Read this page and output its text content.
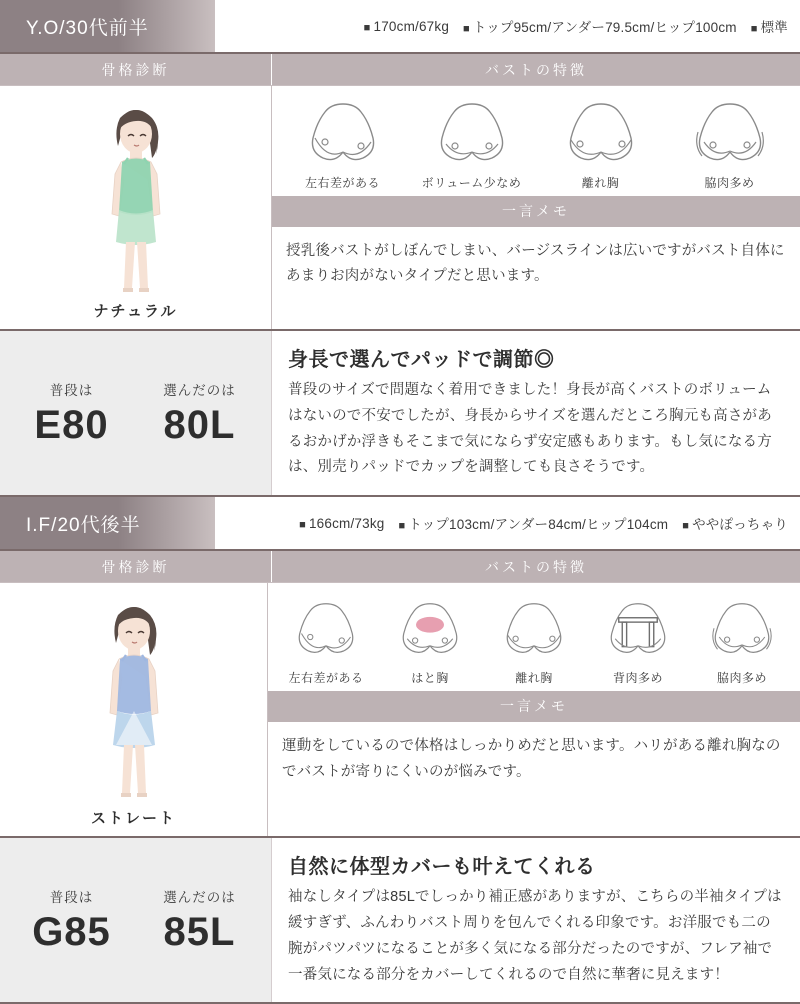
Y.O/30代前半	■ 170cm/67kg	■ トップ95cm/アンダー79.5cm/ヒップ100cm	■ 標準
骨格診断	バストの特徴
ナチュラル
左右差がある	ボリューム少なめ	離れ胸	脇肉多め
一言メモ
授乳後バストがしぼんでしまい、バージスラインは広いですがバスト自体にあまりお肉がないタイプだと思います。
普段は
E80
選んだのは
80L
身長で選んでパッドで調節◎
普段のサイズで問題なく着用できました！身長が高くバストのボリュームはないので不安でしたが、身長からサイズを選んだところ胸元も高さがあるおかげか浮きもそこまで気にならず安定感もあります。もし気になる方は、別売りパッドでカップを調整しても良さそうです。
I.F/20代後半	■ 166cm/73kg	■ トップ103cm/アンダー84cm/ヒップ104cm	■ ややぽっちゃり
骨格診断	バストの特徴
ストレート
左右差がある	はと胸	離れ胸	背肉多め	脇肉多め
一言メモ
運動をしているので体格はしっかりめだと思います。ハリがある離れ胸なのでバストが寄りにくいのが悩みです。
普段は
G85
選んだのは
85L
自然に体型カバーも叶えてくれる
袖なしタイプは85Lでしっかり補正感がありますが、こちらの半袖タイプは緩すぎず、ふんわりバスト周りを包んでくれる印象です。お洋服でも二の腕がパツパツになることが多く気になる部分だったのですが、フレア袖で一番気になる部分をカバーしてくれるので自然に華奢に見えます！
